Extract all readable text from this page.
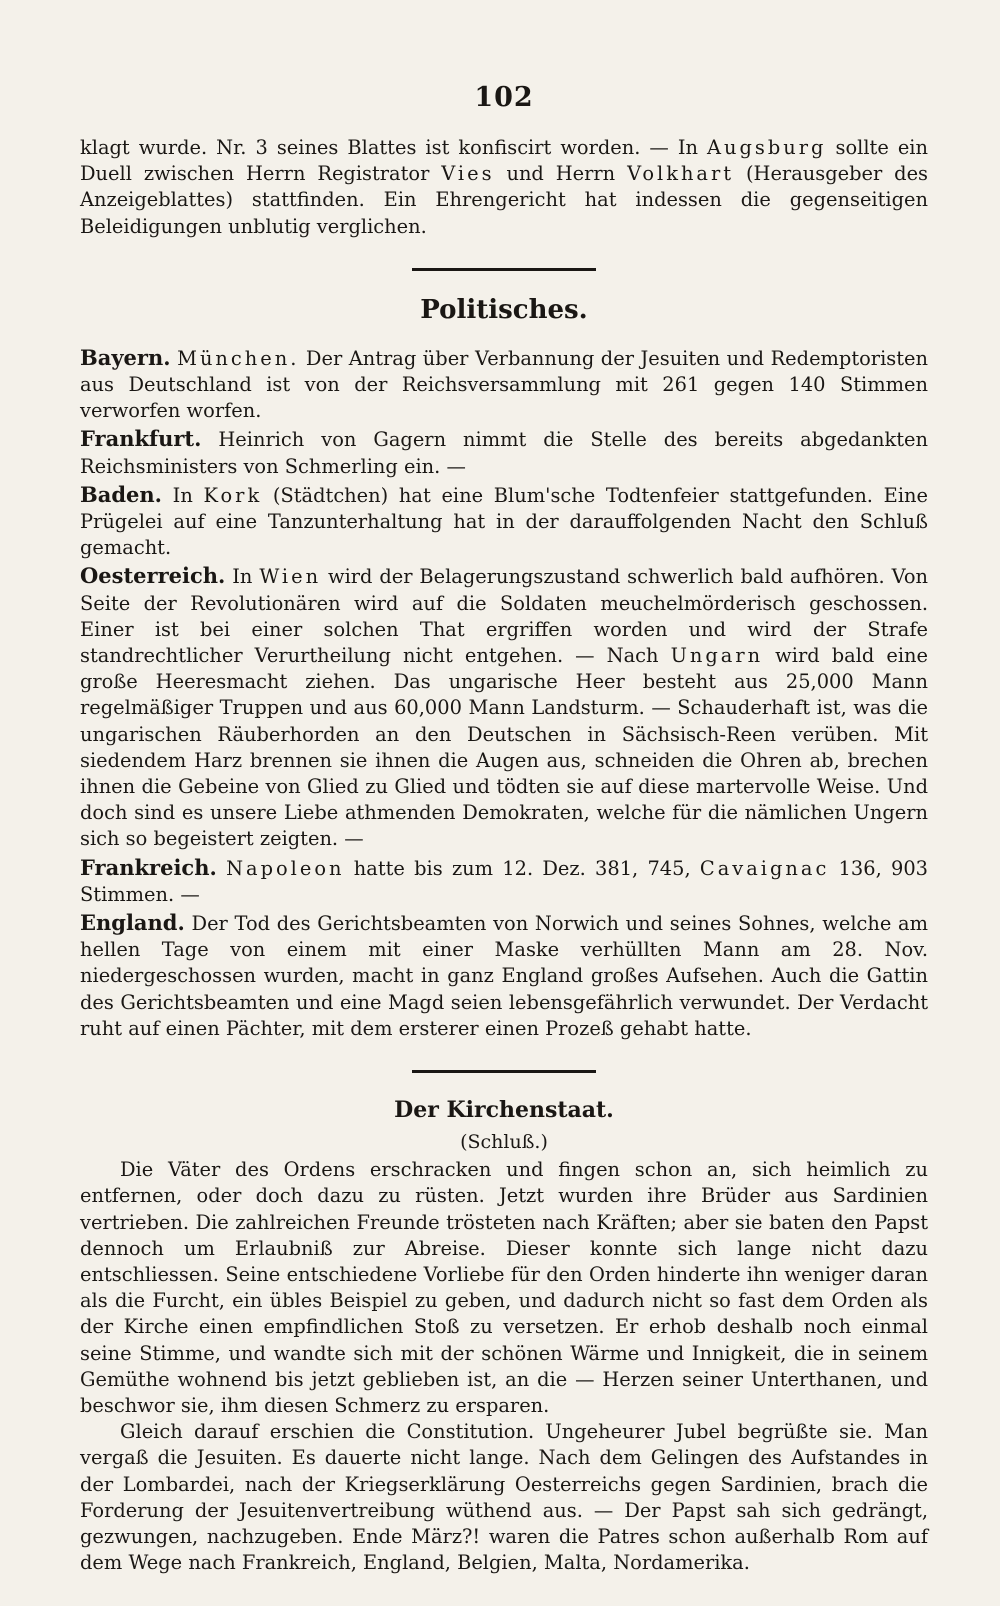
102

klagt wurde. Nr. 3 seines Blattes ist konfiscirt worden. — In Augsburg sollte ein Duell zwischen Herrn Registrator Vies und Herrn Volkhart (Herausgeber des Anzeigeblattes) stattfinden. Ein Ehrengericht hat indessen die gegenseitigen Beleidigungen unblutig verglichen.

Politisches.

Bayern. München. Der Antrag über Verbannung der Jesuiten und Redemptoristen aus Deutschland ist von der Reichsversammlung mit 261 gegen 140 Stimmen verworfen worfen.

Frankfurt. Heinrich von Gagern nimmt die Stelle des bereits abgedankten Reichsministers von Schmerling ein. —

Baden. In Kork (Städtchen) hat eine Blum'sche Todtenfeier stattgefunden. Eine Prügelei auf eine Tanzunterhaltung hat in der darauffolgenden Nacht den Schluß gemacht.

Oesterreich. In Wien wird der Belagerungszustand schwerlich bald aufhören. Von Seite der Revolutionären wird auf die Soldaten meuchelmörderisch geschossen. Einer ist bei einer solchen That ergriffen worden und wird der Strafe standrechtlicher Verurtheilung nicht entgehen. — Nach Ungarn wird bald eine große Heeresmacht ziehen. Das ungarische Heer besteht aus 25,000 Mann regelmäßiger Truppen und aus 60,000 Mann Landsturm. — Schauderhaft ist, was die ungarischen Räuberhorden an den Deutschen in Sächsisch-Reen verüben. Mit siedendem Harz brennen sie ihnen die Augen aus, schneiden die Ohren ab, brechen ihnen die Gebeine von Glied zu Glied und tödten sie auf diese martervolle Weise. Und doch sind es unsere Liebe athmenden Demokraten, welche für die nämlichen Ungern sich so begeistert zeigten. —

Frankreich. Napoleon hatte bis zum 12. Dez. 381, 745, Cavaignac 136, 903 Stimmen. —

England. Der Tod des Gerichtsbeamten von Norwich und seines Sohnes, welche am hellen Tage von einem mit einer Maske verhüllten Mann am 28. Nov. niedergeschossen wurden, macht in ganz England großes Aufsehen. Auch die Gattin des Gerichtsbeamten und eine Magd seien lebensgefährlich verwundet. Der Verdacht ruht auf einen Pächter, mit dem ersterer einen Prozeß gehabt hatte.

Der Kirchenstaat.
(Schluß.)

Die Väter des Ordens erschracken und fingen schon an, sich heimlich zu entfernen, oder doch dazu zu rüsten. Jetzt wurden ihre Brüder aus Sardinien vertrieben. Die zahlreichen Freunde trösteten nach Kräften; aber sie baten den Papst dennoch um Erlaubniß zur Abreise. Dieser konnte sich lange nicht dazu entschliessen. Seine entschiedene Vorliebe für den Orden hinderte ihn weniger daran als die Furcht, ein übles Beispiel zu geben, und dadurch nicht so fast dem Orden als der Kirche einen empfindlichen Stoß zu versetzen. Er erhob deshalb noch einmal seine Stimme, und wandte sich mit der schönen Wärme und Innigkeit, die in seinem Gemüthe wohnend bis jetzt geblieben ist, an die — Herzen seiner Unterthanen, und beschwor sie, ihm diesen Schmerz zu ersparen.

Gleich darauf erschien die Constitution. Ungeheurer Jubel begrüßte sie. Man vergaß die Jesuiten. Es dauerte nicht lange. Nach dem Gelingen des Aufstandes in der Lombardei, nach der Kriegserklärung Oesterreichs gegen Sardinien, brach die Forderung der Jesuitenvertreibung wüthend aus. — Der Papst sah sich gedrängt, gezwungen, nachzugeben. Ende März?! waren die Patres schon außerhalb Rom auf dem Wege nach Frankreich, England, Belgien, Malta, Nordamerika.
